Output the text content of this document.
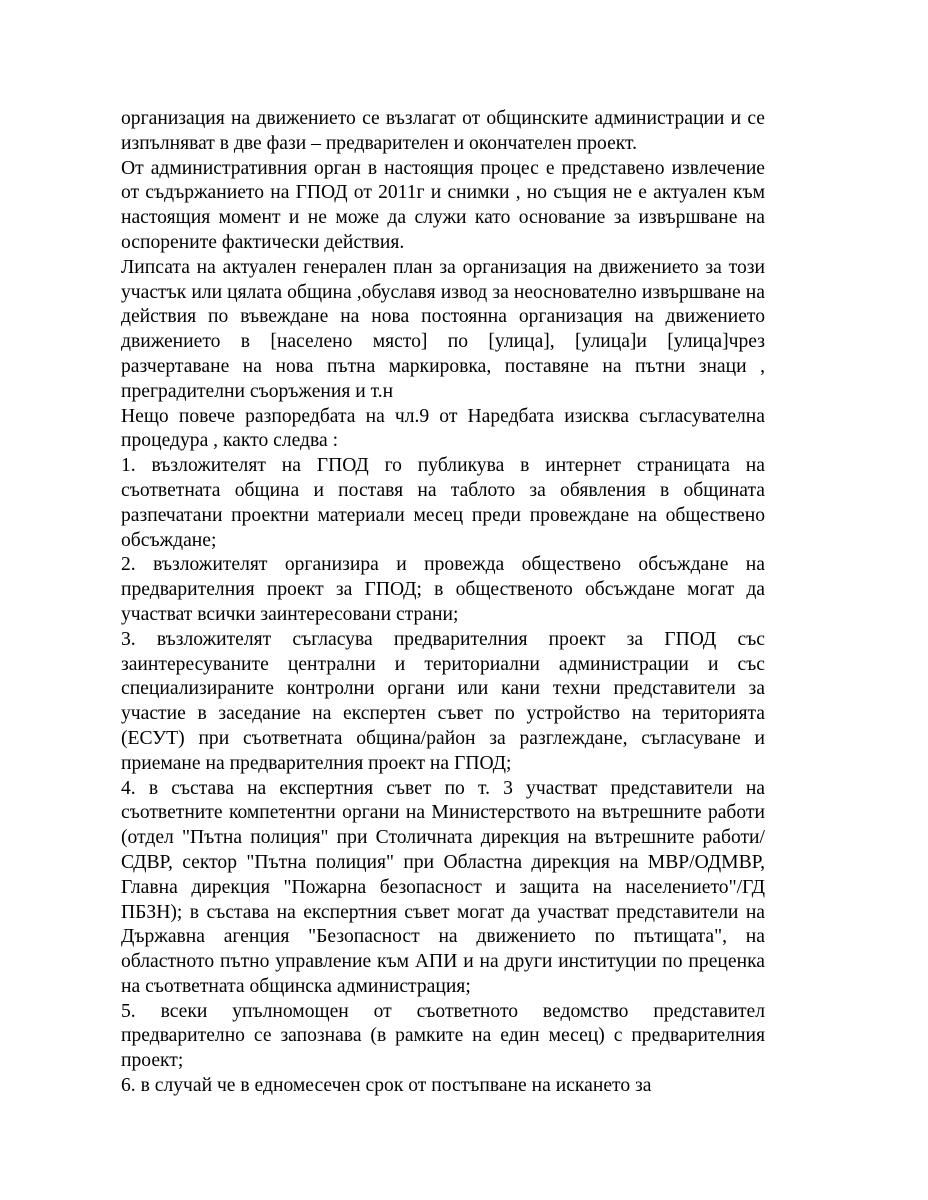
организация на движението се възлагат от общинските администрации и се изпълняват в две фази – предварителен и окончателен проект.

От административния орган в настоящия процес е представено извлечение от съдържанието на ГПОД от 2011г и снимки , но същия не е актуален към настоящия момент и не може да служи като основание за извършване на оспорените фактически действия.

Липсата на актуален генерален план за организация на движението за този участък или цялата община ,обуславя извод за неоснователно извършване на действия по въвеждане на нова постоянна организация на движението движението в [населено място] по [улица], [улица]и [улица]чрез разчертаване на нова пътна маркировка, поставяне на пътни знаци , преградителни съоръжения и т.н

Нещо повече разпоредбата на чл.9 от Наредбата изисква съгласувателна процедура , както следва :

1. възложителят на ГПОД го публикува в интернет страницата на съответната община и поставя на таблото за обявления в общината разпечатани проектни материали месец преди провеждане на обществено обсъждане;

2. възложителят организира и провежда обществено обсъждане на предварителния проект за ГПОД; в общественото обсъждане могат да участват всички заинтересовани страни;

3. възложителят съгласува предварителния проект за ГПОД със заинтересуваните централни и териториални администрации и със специализираните контролни органи или кани техни представители за участие в заседание на експертен съвет по устройство на територията (ЕСУТ) при съответната община/район за разглеждане, съгласуване и приемане на предварителния проект на ГПОД;

4. в състава на експертния съвет по т. 3 участват представители на съответните компетентни органи на Министерството на вътрешните работи (отдел "Пътна полиция" при Столичната дирекция на вътрешните работи/СДВР, сектор "Пътна полиция" при Областна дирекция на МВР/ОДМВР, Главна дирекция "Пожарна безопасност и защита на населението"/ГД ПБЗН); в състава на експертния съвет могат да участват представители на Държавна агенция "Безопасност на движението по пътищата", на областното пътно управление към АПИ и на други институции по преценка на съответната общинска администрация;

5. всеки упълномощен от съответното ведомство представител предварително се запознава (в рамките на един месец) с предварителния проект;

6. в случай че в едномесечен срок от постъпване на искането за
